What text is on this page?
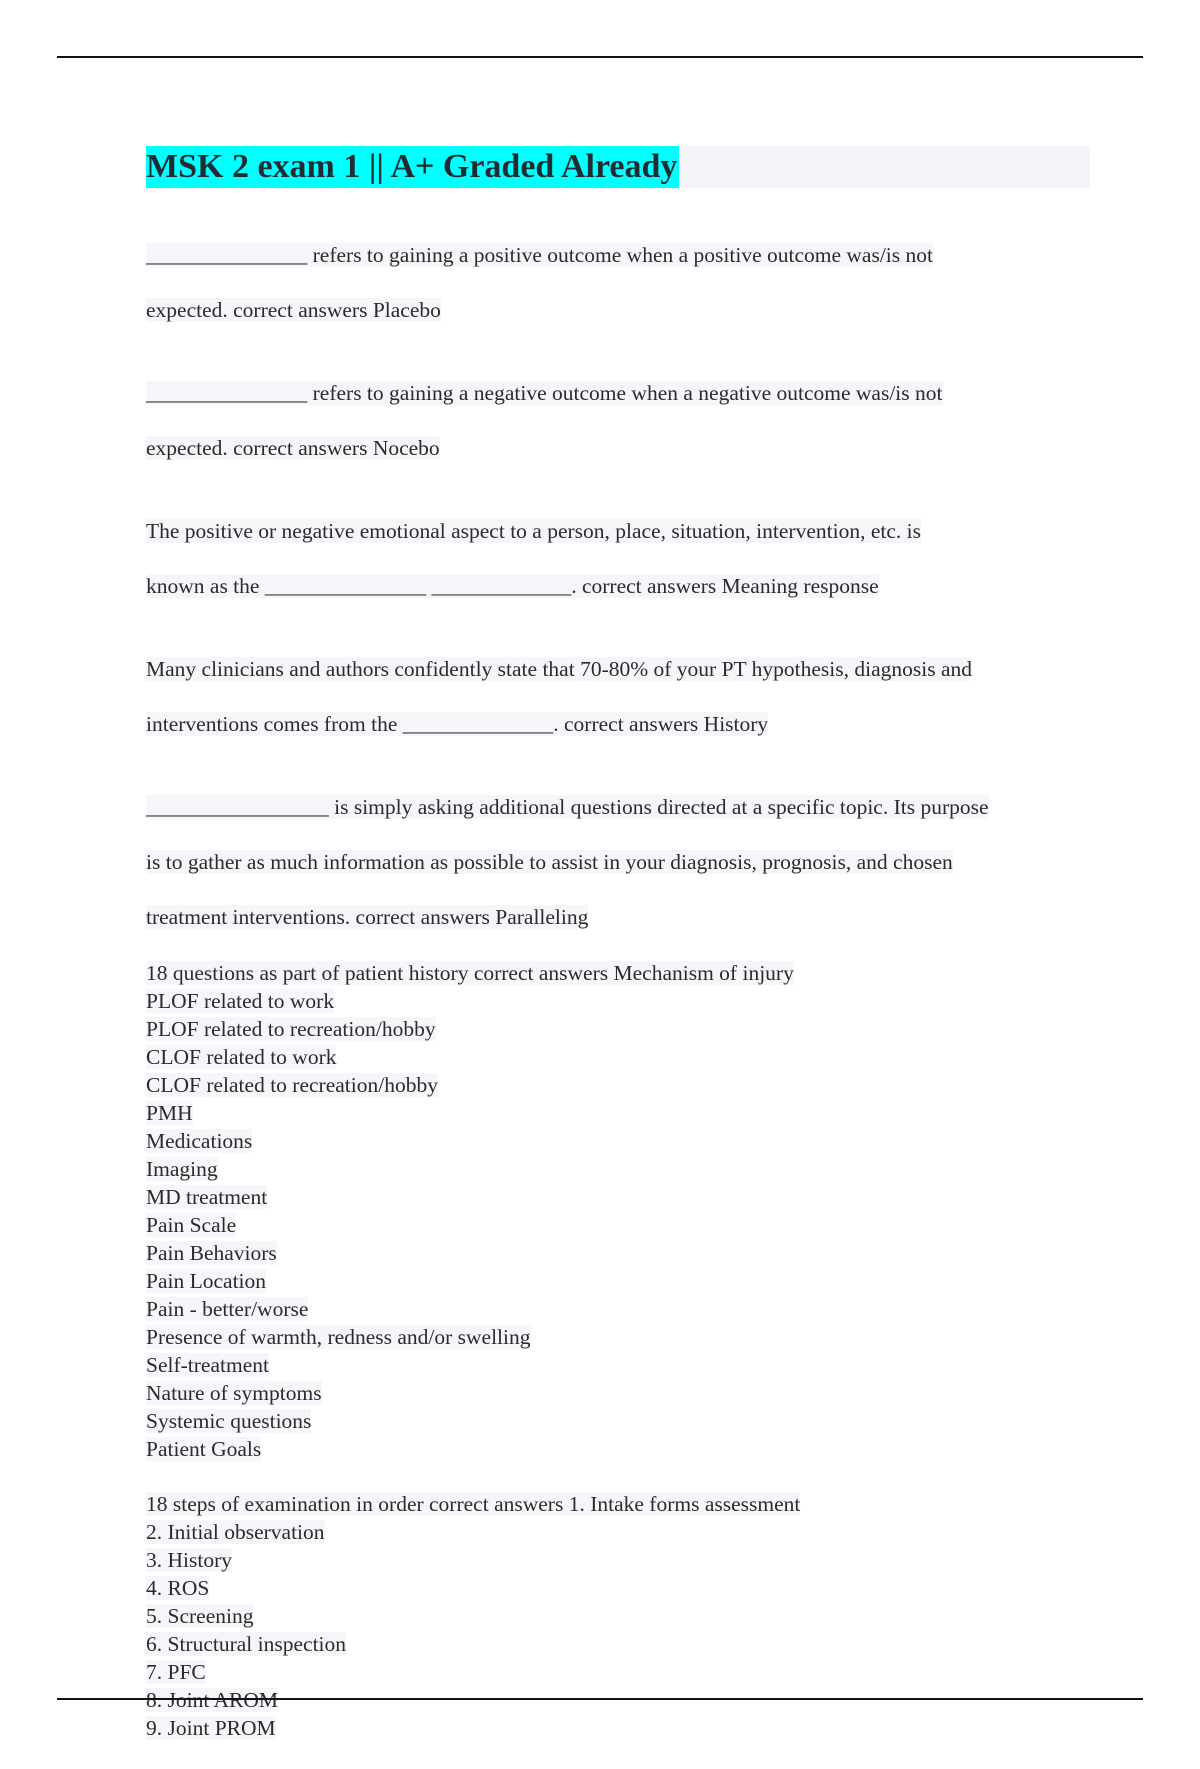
MSK 2 exam 1 || A+ Graded Already

_______________ refers to gaining a positive outcome when a positive outcome was/is not

expected. correct answers Placebo

_______________ refers to gaining a negative outcome when a negative outcome was/is not

expected. correct answers Nocebo

The positive or negative emotional aspect to a person, place, situation, intervention, etc. is

known as the _______________ _____________. correct answers Meaning response

Many clinicians and authors confidently state that 70-80% of your PT hypothesis, diagnosis and

interventions comes from the ______________. correct answers History

_________________ is simply asking additional questions directed at a specific topic. Its purpose

is to gather as much information as possible to assist in your diagnosis, prognosis, and chosen

treatment interventions. correct answers Paralleling

18 questions as part of patient history correct answers Mechanism of injury
PLOF related to work
PLOF related to recreation/hobby
CLOF related to work
CLOF related to recreation/hobby
PMH
Medications
Imaging
MD treatment
Pain Scale
Pain Behaviors
Pain Location
Pain - better/worse
Presence of warmth, redness and/or swelling
Self-treatment
Nature of symptoms
Systemic questions
Patient Goals
18 steps of examination in order correct answers 1. Intake forms assessment
2. Initial observation
3. History
4. ROS
5. Screening
6. Structural inspection
7. PFC
8. Joint AROM
9. Joint PROM
